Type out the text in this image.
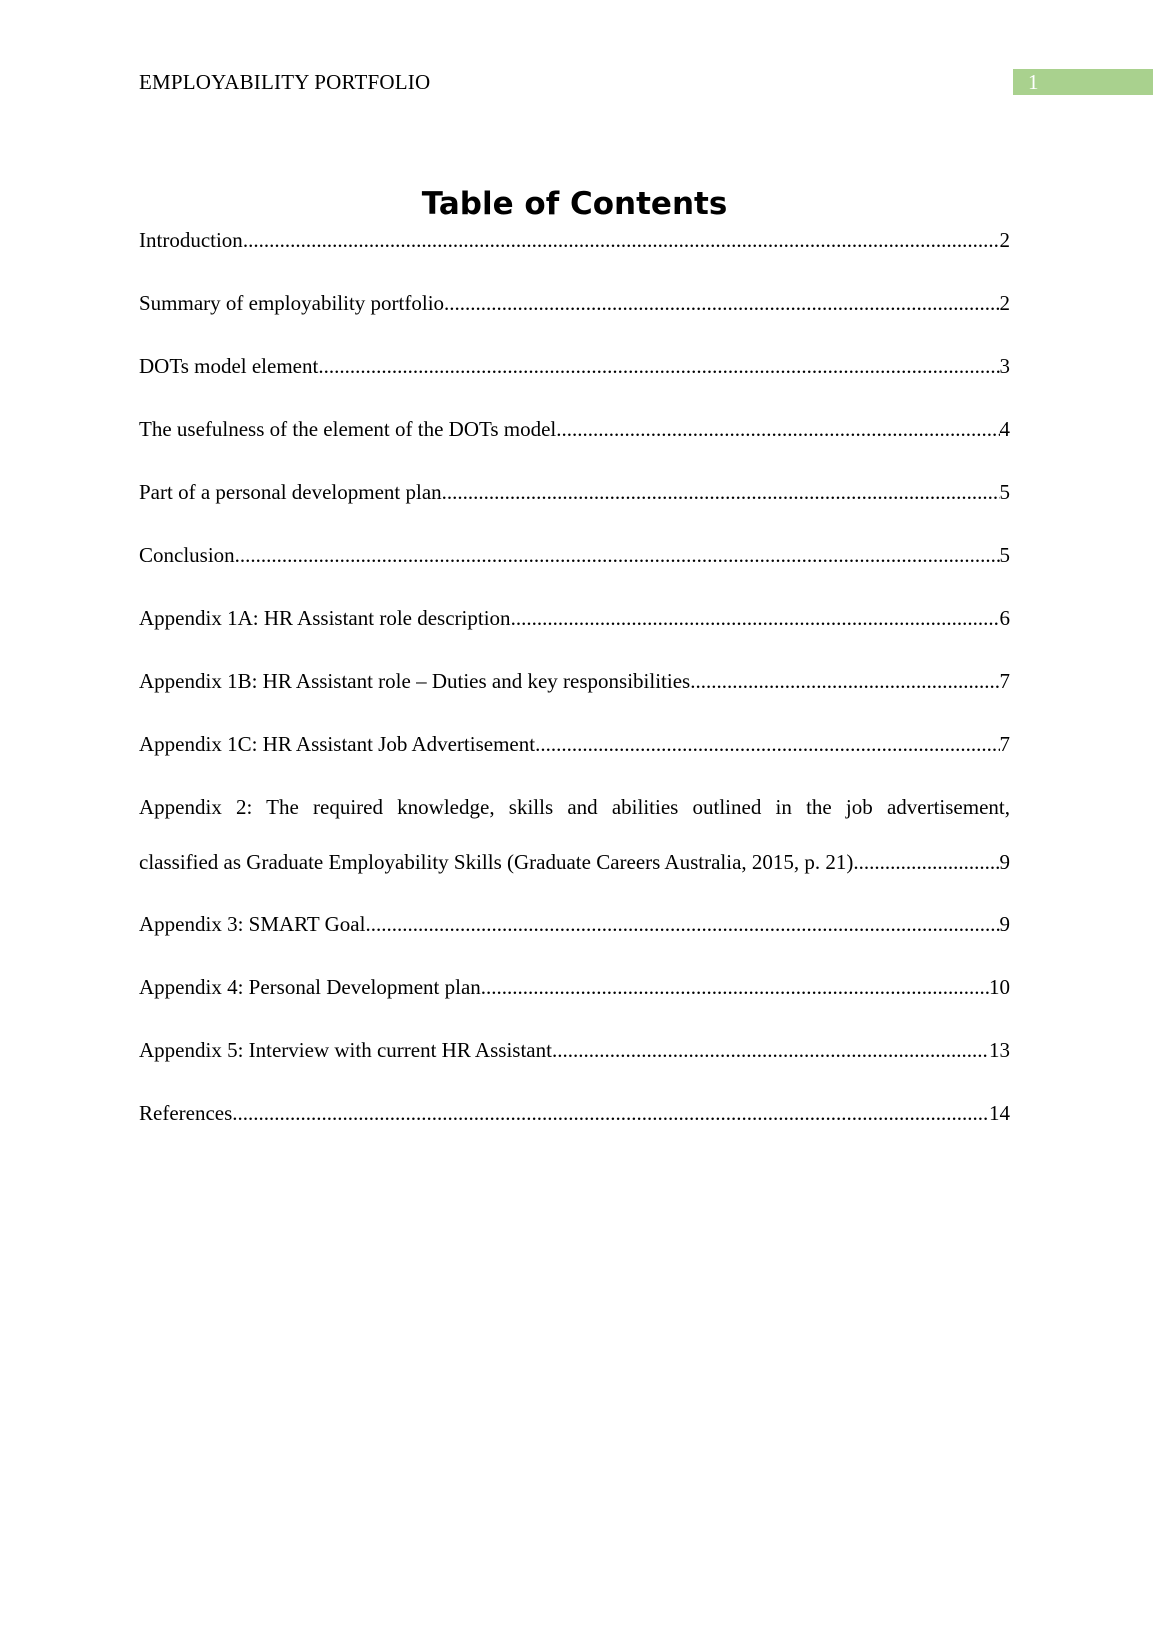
EMPLOYABILITY PORTFOLIO	1
Table of Contents
Introduction .....	2
Summary of employability portfolio .....	2
DOTs model element .....	3
The usefulness of the element of the DOTs model .....	4
Part of a personal development plan .....	5
Conclusion .....	5
Appendix 1A: HR Assistant role description .....	6
Appendix 1B: HR Assistant role – Duties and key responsibilities .....	7
Appendix 1C: HR Assistant Job Advertisement .....	7
Appendix 2: The required knowledge, skills and abilities outlined in the job advertisement,
classified as Graduate Employability Skills (Graduate Careers Australia, 2015, p. 21) .....	9
Appendix 3: SMART Goal .....	9
Appendix 4: Personal Development plan .....	10
Appendix 5: Interview with current HR Assistant .....	13
References .....	14
